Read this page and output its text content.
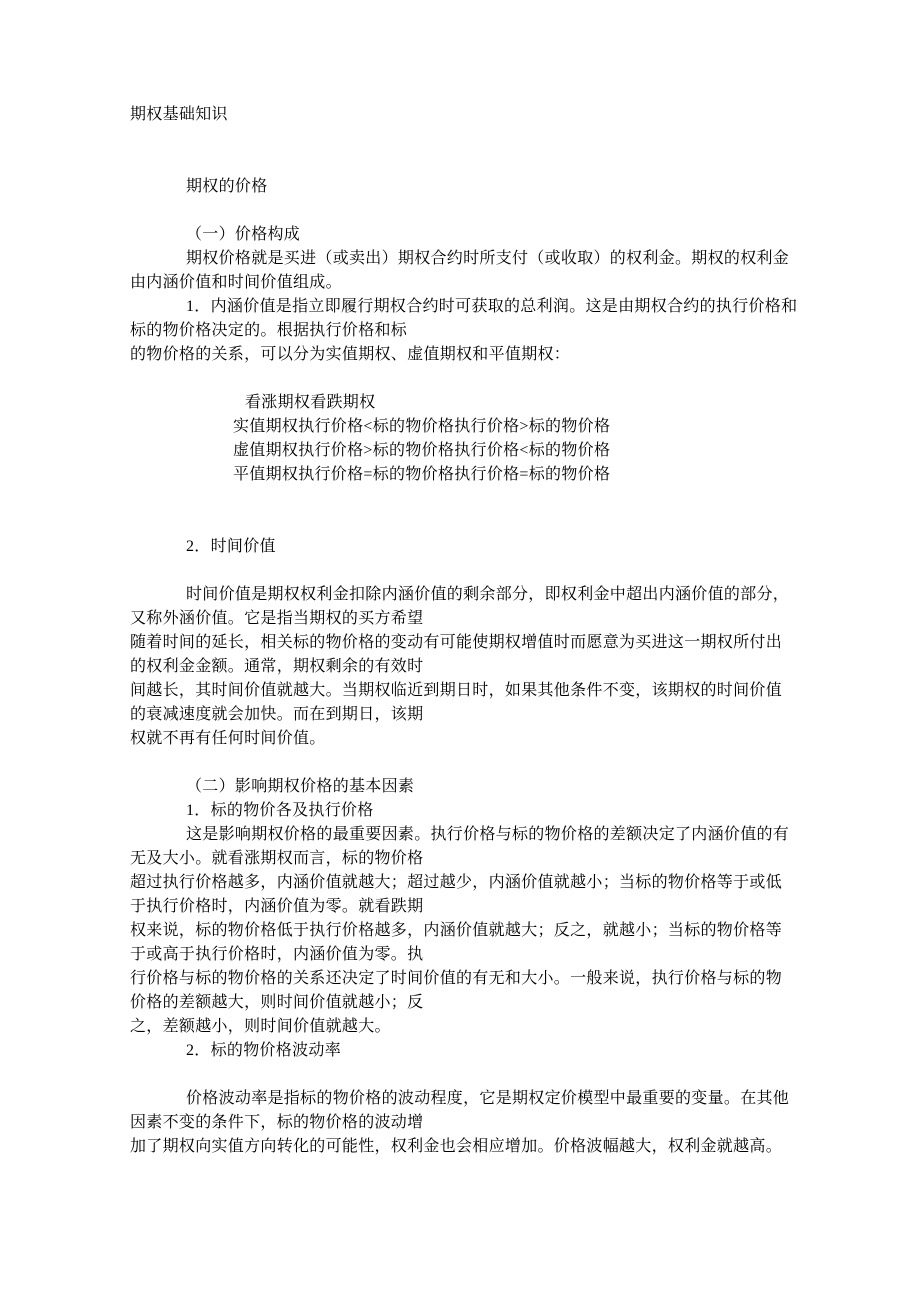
期权基础知识
期权的价格
（一）价格构成
期权价格就是买进（或卖出）期权合约时所支付（或收取）的权利金。期权的权利金
由内涵价值和时间价值组成。
1．内涵价值是指立即履行期权合约时可获取的总利润。这是由期权合约的执行价格和
标的物价格决定的。根据执行价格和标
的物价格的关系，可以分为实值期权、虚值期权和平值期权：
看涨期权看跌期权
实值期权执行价格<标的物价格执行价格>标的物价格
虚值期权执行价格>标的物价格执行价格<标的物价格
平值期权执行价格=标的物价格执行价格=标的物价格
2．时间价值
时间价值是期权权利金扣除内涵价值的剩余部分，即权利金中超出内涵价值的部分，
又称外涵价值。它是指当期权的买方希望
随着时间的延长，相关标的物价格的变动有可能使期权增值时而愿意为买进这一期权所付出
的权利金金额。通常，期权剩余的有效时
间越长，其时间价值就越大。当期权临近到期日时，如果其他条件不变，该期权的时间价值
的衰减速度就会加快。而在到期日，该期
权就不再有任何时间价值。
（二）影响期权价格的基本因素
1．标的物价各及执行价格
这是影响期权价格的最重要因素。执行价格与标的物价格的差额决定了内涵价值的有
无及大小。就看涨期权而言，标的物价格
超过执行价格越多，内涵价值就越大；超过越少，内涵价值就越小；当标的物价格等于或低
于执行价格时，内涵价值为零。就看跌期
权来说，标的物价格低于执行价格越多，内涵价值就越大；反之，就越小；当标的物价格等
于或高于执行价格时，内涵价值为零。执
行价格与标的物价格的关系还决定了时间价值的有无和大小。一般来说，执行价格与标的物
价格的差额越大，则时间价值就越小；反
之，差额越小，则时间价值就越大。
2．标的物价格波动率
价格波动率是指标的物价格的波动程度，它是期权定价模型中最重要的变量。在其他
因素不变的条件下，标的物价格的波动增
加了期权向实值方向转化的可能性，权利金也会相应增加。价格波幅越大，权利金就越高。
